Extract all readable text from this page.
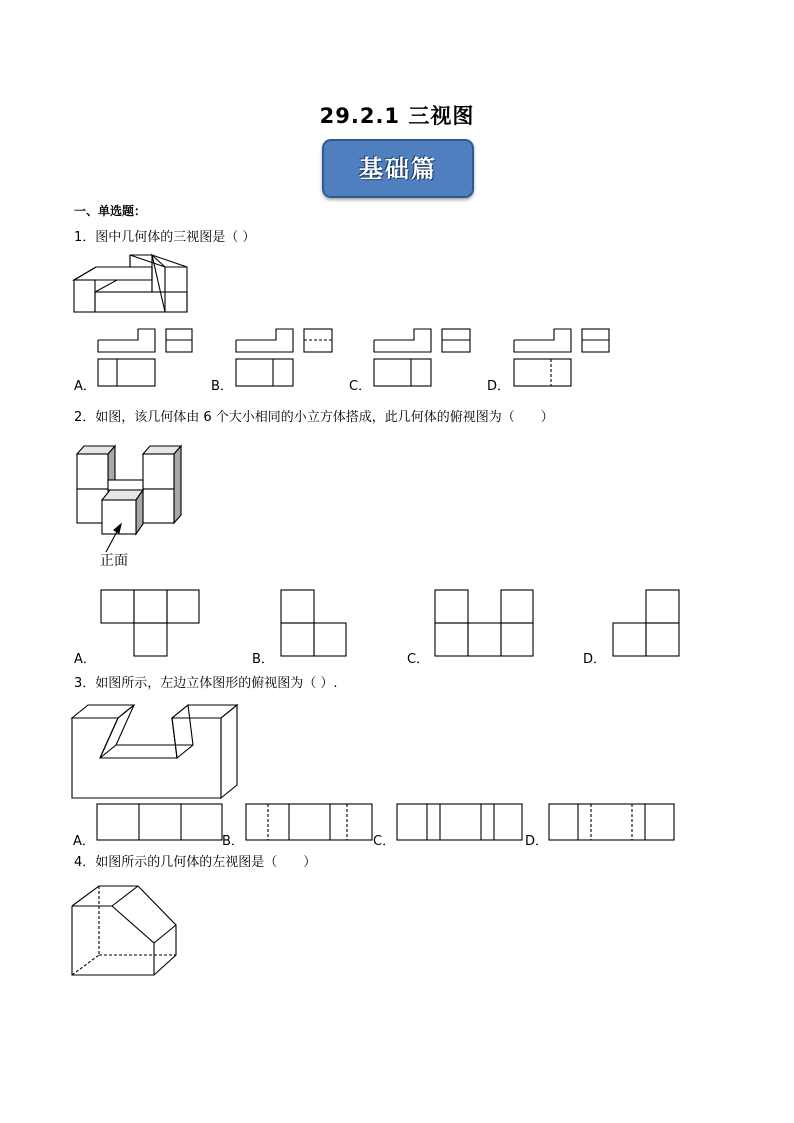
29.2.1 三视图
基础篇
一、单选题：
1．图中几何体的三视图是（ ）
A．	B．	C．	D．
2．如图，该几何体由 6 个大小相同的小立方体搭成，此几何体的俯视图为（　　）
正面
A．	B．	C．	D．
3．如图所示，左边立体图形的俯视图为（ ）.
A．	B．	C．	D．
4．如图所示的几何体的左视图是（　　）
